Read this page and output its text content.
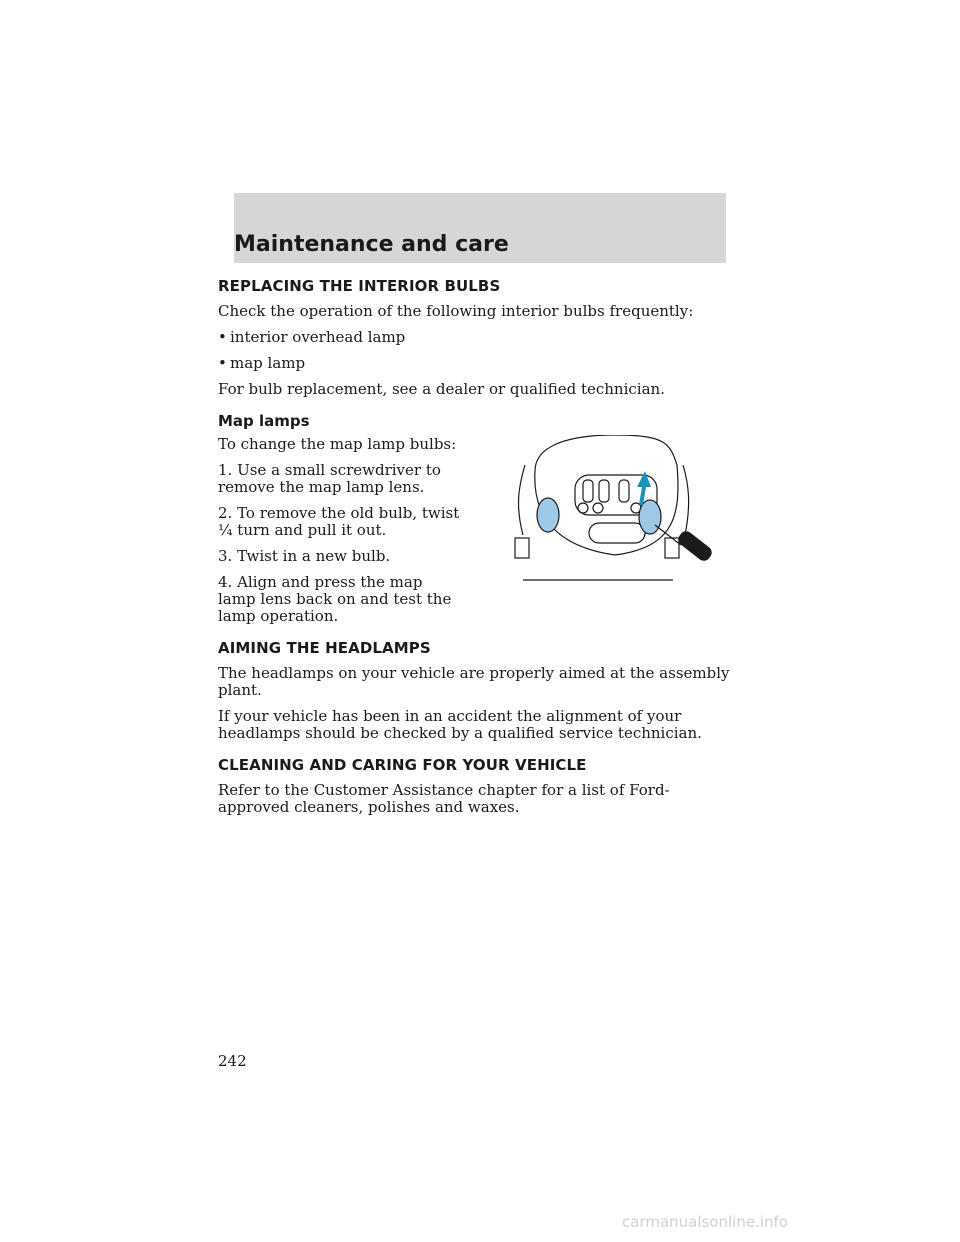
Maintenance and care
REPLACING THE INTERIOR BULBS

Check the operation of the following interior bulbs frequently:

• interior overhead lamp
• map lamp

For bulb replacement, see a dealer or qualified technician.

Map lamps

To change the map lamp bulbs:

1. Use a small screwdriver to remove the map lamp lens.

2. To remove the old bulb, twist ¼ turn and pull it out.

3. Twist in a new bulb.

4. Align and press the map lamp lens back on and test the lamp operation.

AIMING THE HEADLAMPS

The headlamps on your vehicle are properly aimed at the assembly plant.

If your vehicle has been in an accident the alignment of your headlamps should be checked by a qualified service technician.

CLEANING AND CARING FOR YOUR VEHICLE

Refer to the Customer Assistance chapter for a list of Ford-approved cleaners, polishes and waxes.

242
carmanualsonline.info
